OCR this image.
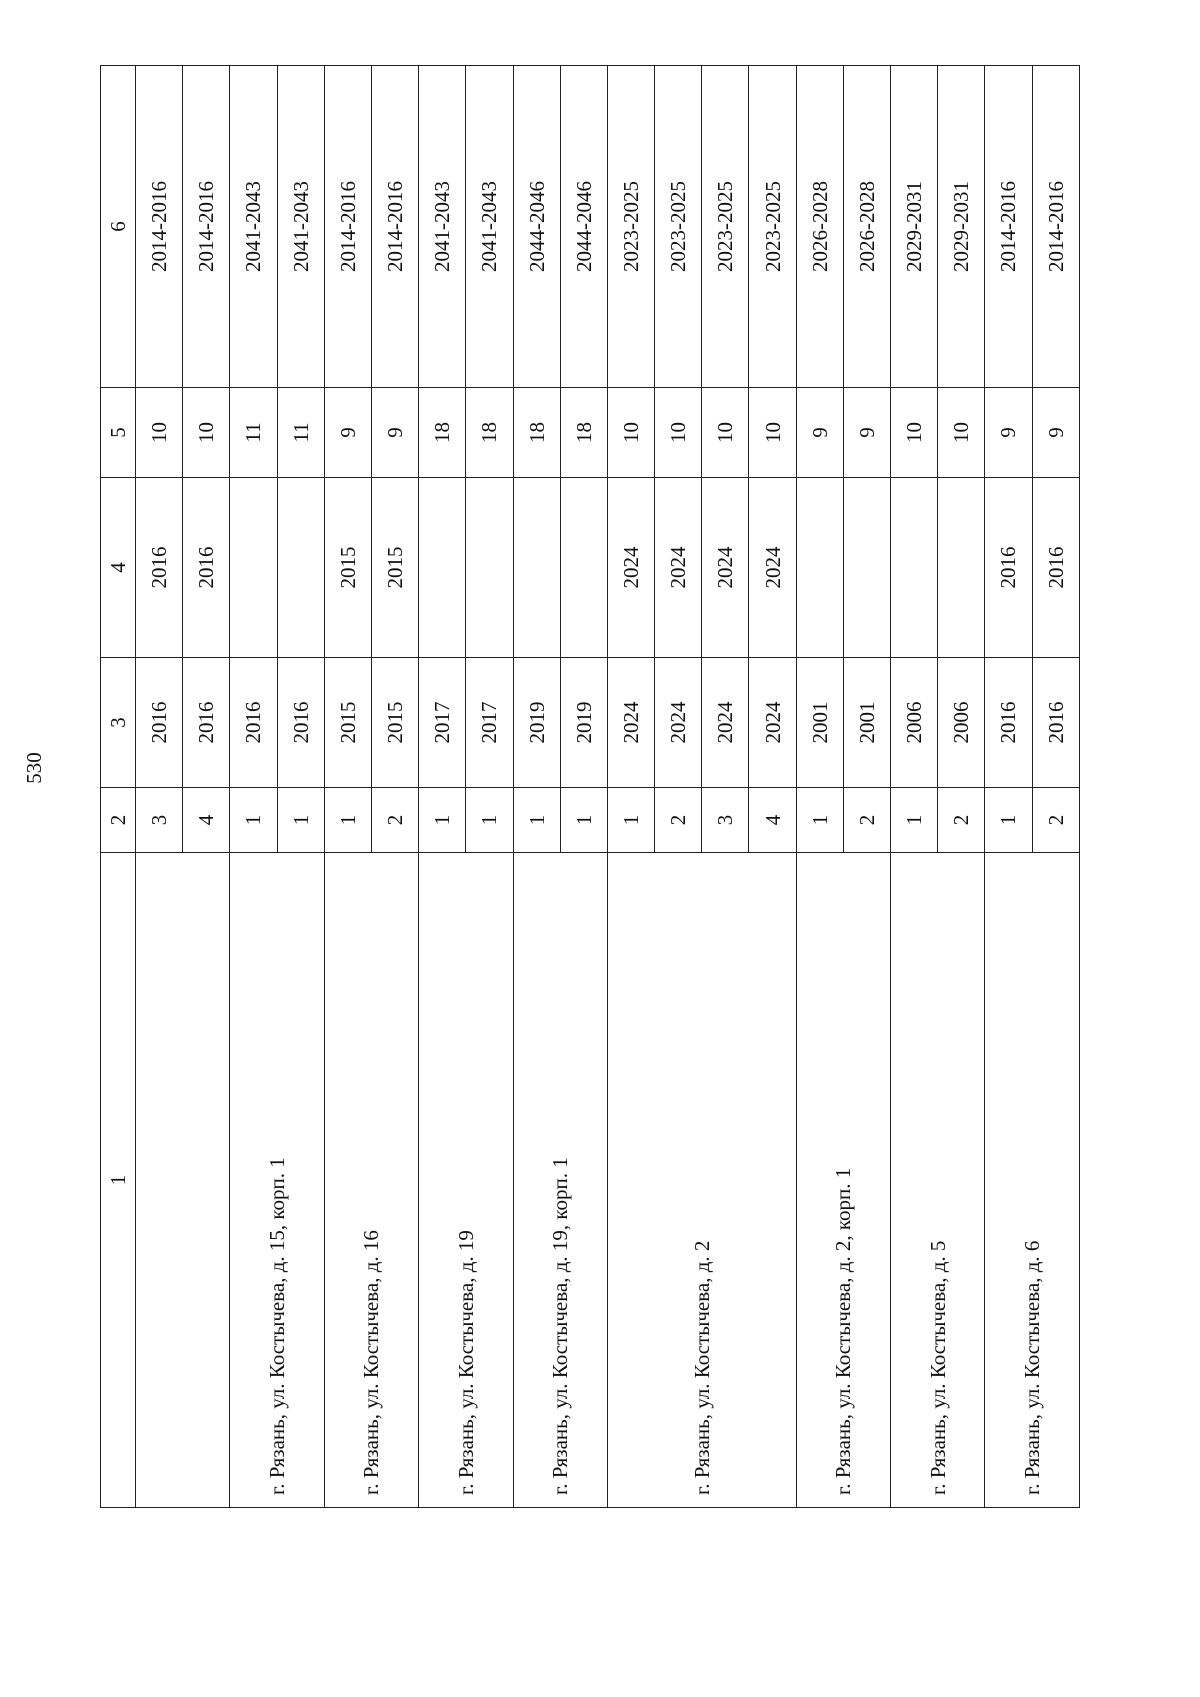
530
1	2	3	4	5	6
	3	2016	2016	10	2014-2016
	4	2016	2016	10	2014-2016
г. Рязань, ул. Костычева, д. 15, корп. 1	1	2016		11	2041-2043
	1	2016		11	2041-2043
г. Рязань, ул. Костычева, д. 16	1	2015	2015	9	2014-2016
	2	2015	2015	9	2014-2016
г. Рязань, ул. Костычева, д. 19	1	2017		18	2041-2043
	1	2017		18	2041-2043
г. Рязань, ул. Костычева, д. 19, корп. 1	1	2019		18	2044-2046
	1	2019		18	2044-2046
г. Рязань, ул. Костычева, д. 2	1	2024	2024	10	2023-2025
	2	2024	2024	10	2023-2025
	3	2024	2024	10	2023-2025
	4	2024	2024	10	2023-2025
г. Рязань, ул. Костычева, д. 2, корп. 1	1	2001		9	2026-2028
	2	2001		9	2026-2028
г. Рязань, ул. Костычева, д. 5	1	2006		10	2029-2031
	2	2006		10	2029-2031
г. Рязань, ул. Костычева, д. 6	1	2016	2016	9	2014-2016
	2	2016	2016	9	2014-2016
